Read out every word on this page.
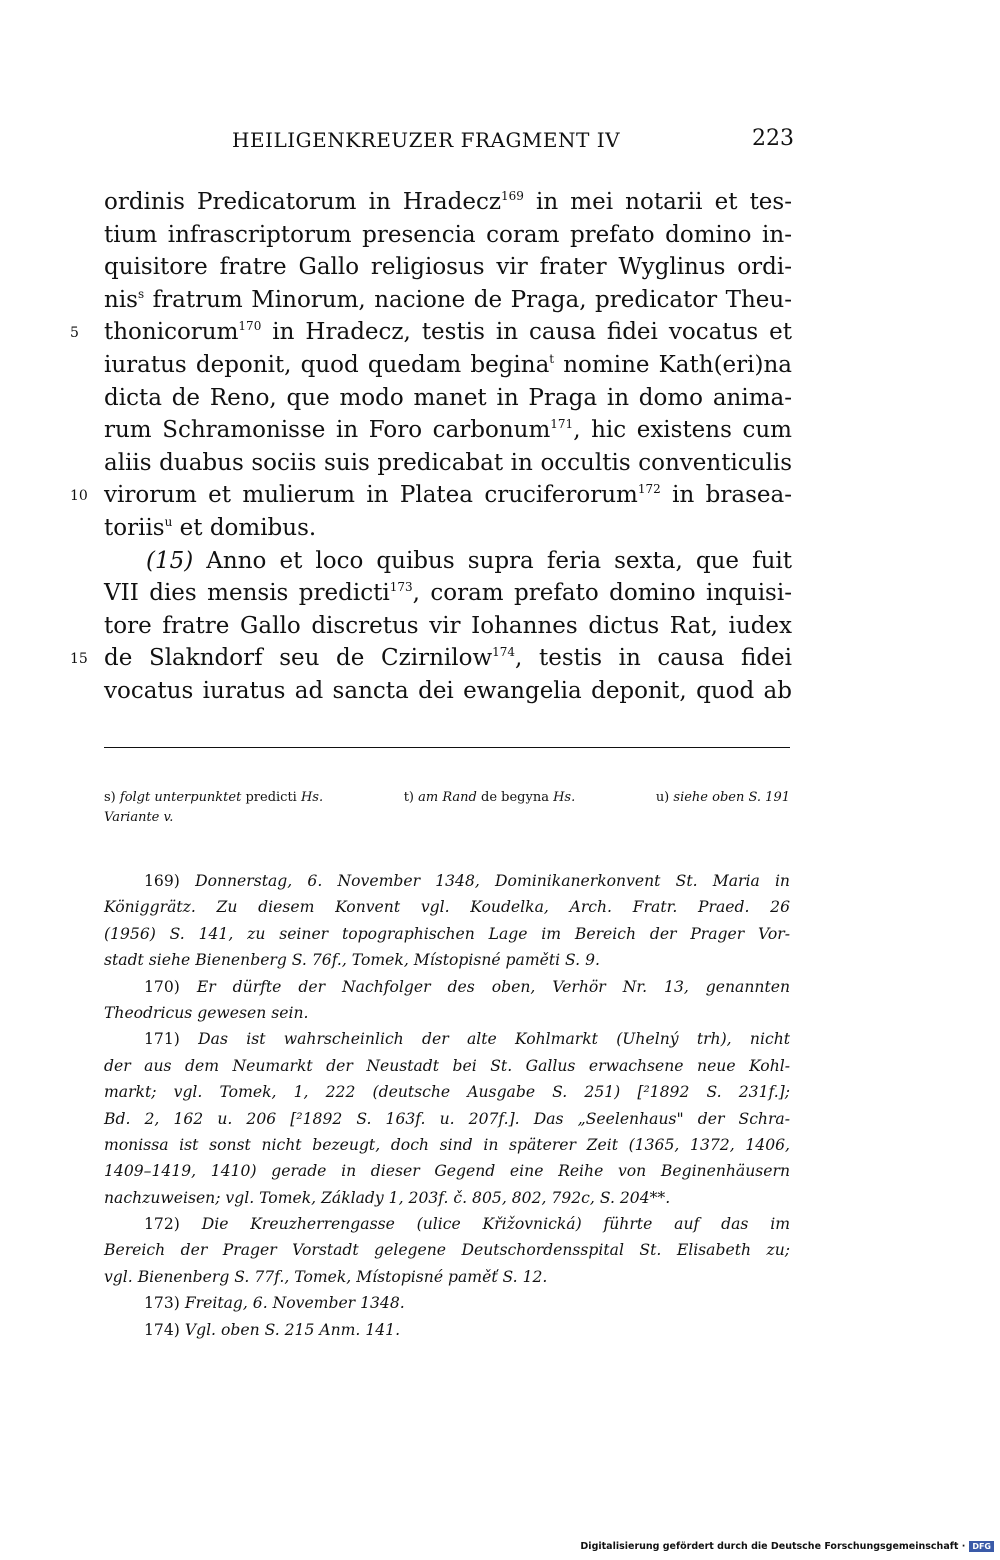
HEILIGENKREUZER FRAGMENT IV	223
5
10
15
ordinis Predicatorum in Hradecz$^{169}$ in mei notarii et tes-
tium infrascriptorum presencia coram prefato domino in-
quisitore fratre Gallo religiosus vir frater Wyglinus ordi-
nis$^s$ fratrum Minorum, nacione de Praga, predicator Theu-
thonicorum$^{170}$ in Hradecz, testis in causa fidei vocatus et
iuratus deponit, quod quedam begina$^t$ nomine Kath(eri)na
dicta de Reno, que modo manet in Praga in domo anima-
rum Schramonisse in Foro carbonum$^{171}$, hic existens cum
aliis duabus sociis suis predicabat in occultis conventiculis
virorum et mulierum in Platea cruciferorum$^{172}$ in brasea-
toriis$^u$ et domibus.
(15) Anno et loco quibus supra feria sexta, que fuit
VII dies mensis predicti$^{173}$, coram prefato domino inquisi-
tore fratre Gallo discretus vir Iohannes dictus Rat, iudex
de Slakndorf seu de Czirnilow$^{174}$, testis in causa fidei
vocatus iuratus ad sancta dei ewangelia deponit, quod ab
s) folgt unterpunktet predicti Hs.	t) am Rand de begyna Hs.	u) siehe oben S. 191
Variante v.
169) Donnerstag, 6. November 1348, Dominikanerkonvent St. Maria in
Königgrätz. Zu diesem Konvent vgl. Koudelka, Arch. Fratr. Praed. 26
(1956) S. 141, zu seiner topographischen Lage im Bereich der Prager Vor-
stadt siehe Bienenberg S. 76f., Tomek, Místopisné paměti S. 9.
170) Er dürfte der Nachfolger des oben, Verhör Nr. 13, genannten
Theodricus gewesen sein.
171) Das ist wahrscheinlich der alte Kohlmarkt (Uhelný trh), nicht
der aus dem Neumarkt der Neustadt bei St. Gallus erwachsene neue Kohl-
markt; vgl. Tomek, 1, 222 (deutsche Ausgabe S. 251) [²1892 S. 231f.];
Bd. 2, 162 u. 206 [²1892 S. 163f. u. 207f.]. Das „Seelenhaus" der Schra-
monissa ist sonst nicht bezeugt, doch sind in späterer Zeit (1365, 1372, 1406,
1409–1419, 1410) gerade in dieser Gegend eine Reihe von Beginenhäusern
nachzuweisen; vgl. Tomek, Základy 1, 203f. č. 805, 802, 792c, S. 204**.
172) Die Kreuzherrengasse (ulice Křižovnická) führte auf das im
Bereich der Prager Vorstadt gelegene Deutschordensspital St. Elisabeth zu;
vgl. Bienenberg S. 77f., Tomek, Místopisné paměť S. 12.
173) Freitag, 6. November 1348.
174) Vgl. oben S. 215 Anm. 141.
Digitalisierung gefördert durch die Deutsche Forschungsgemeinschaft · DFG
